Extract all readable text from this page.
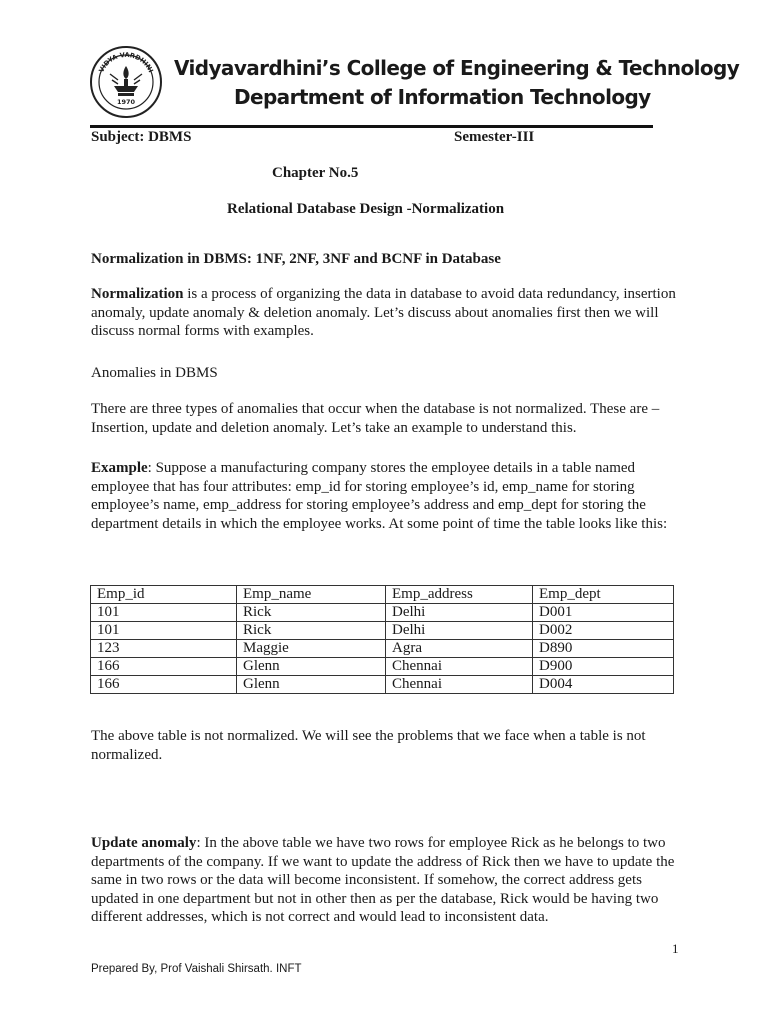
VIDYA VARDHINI
1970
Vidyavardhini’s College of Engineering & Technology
Department of Information Technology
Subject: DBMS	Semester-III
Chapter No.5
Relational Database Design -Normalization
Normalization in DBMS: 1NF, 2NF, 3NF and BCNF in Database
Normalization is a process of organizing the data in database to avoid data redundancy, insertion anomaly, update anomaly & deletion anomaly. Let’s discuss about anomalies first then we will discuss normal forms with examples.
Anomalies in DBMS
There are three types of anomalies that occur when the database is not normalized. These are – Insertion, update and deletion anomaly. Let’s take an example to understand this.
Example: Suppose a manufacturing company stores the employee details in a table named employee that has four attributes: emp_id for storing employee’s id, emp_name for storing employee’s name, emp_address for storing employee’s address and emp_dept for storing the department details in which the employee works. At some point of time the table looks like this:
Emp_id	Emp_name	Emp_address	Emp_dept
101	Rick	Delhi	D001
101	Rick	Delhi	D002
123	Maggie	Agra	D890
166	Glenn	Chennai	D900
166	Glenn	Chennai	D004
The above table is not normalized. We will see the problems that we face when a table is not normalized.
Update anomaly: In the above table we have two rows for employee Rick as he belongs to two departments of the company. If we want to update the address of Rick then we have to update the same in two rows or the data will become inconsistent. If somehow, the correct address gets updated in one department but not in other then as per the database, Rick would be having two different addresses, which is not correct and would lead to inconsistent data.
1
Prepared By, Prof Vaishali Shirsath. INFT
